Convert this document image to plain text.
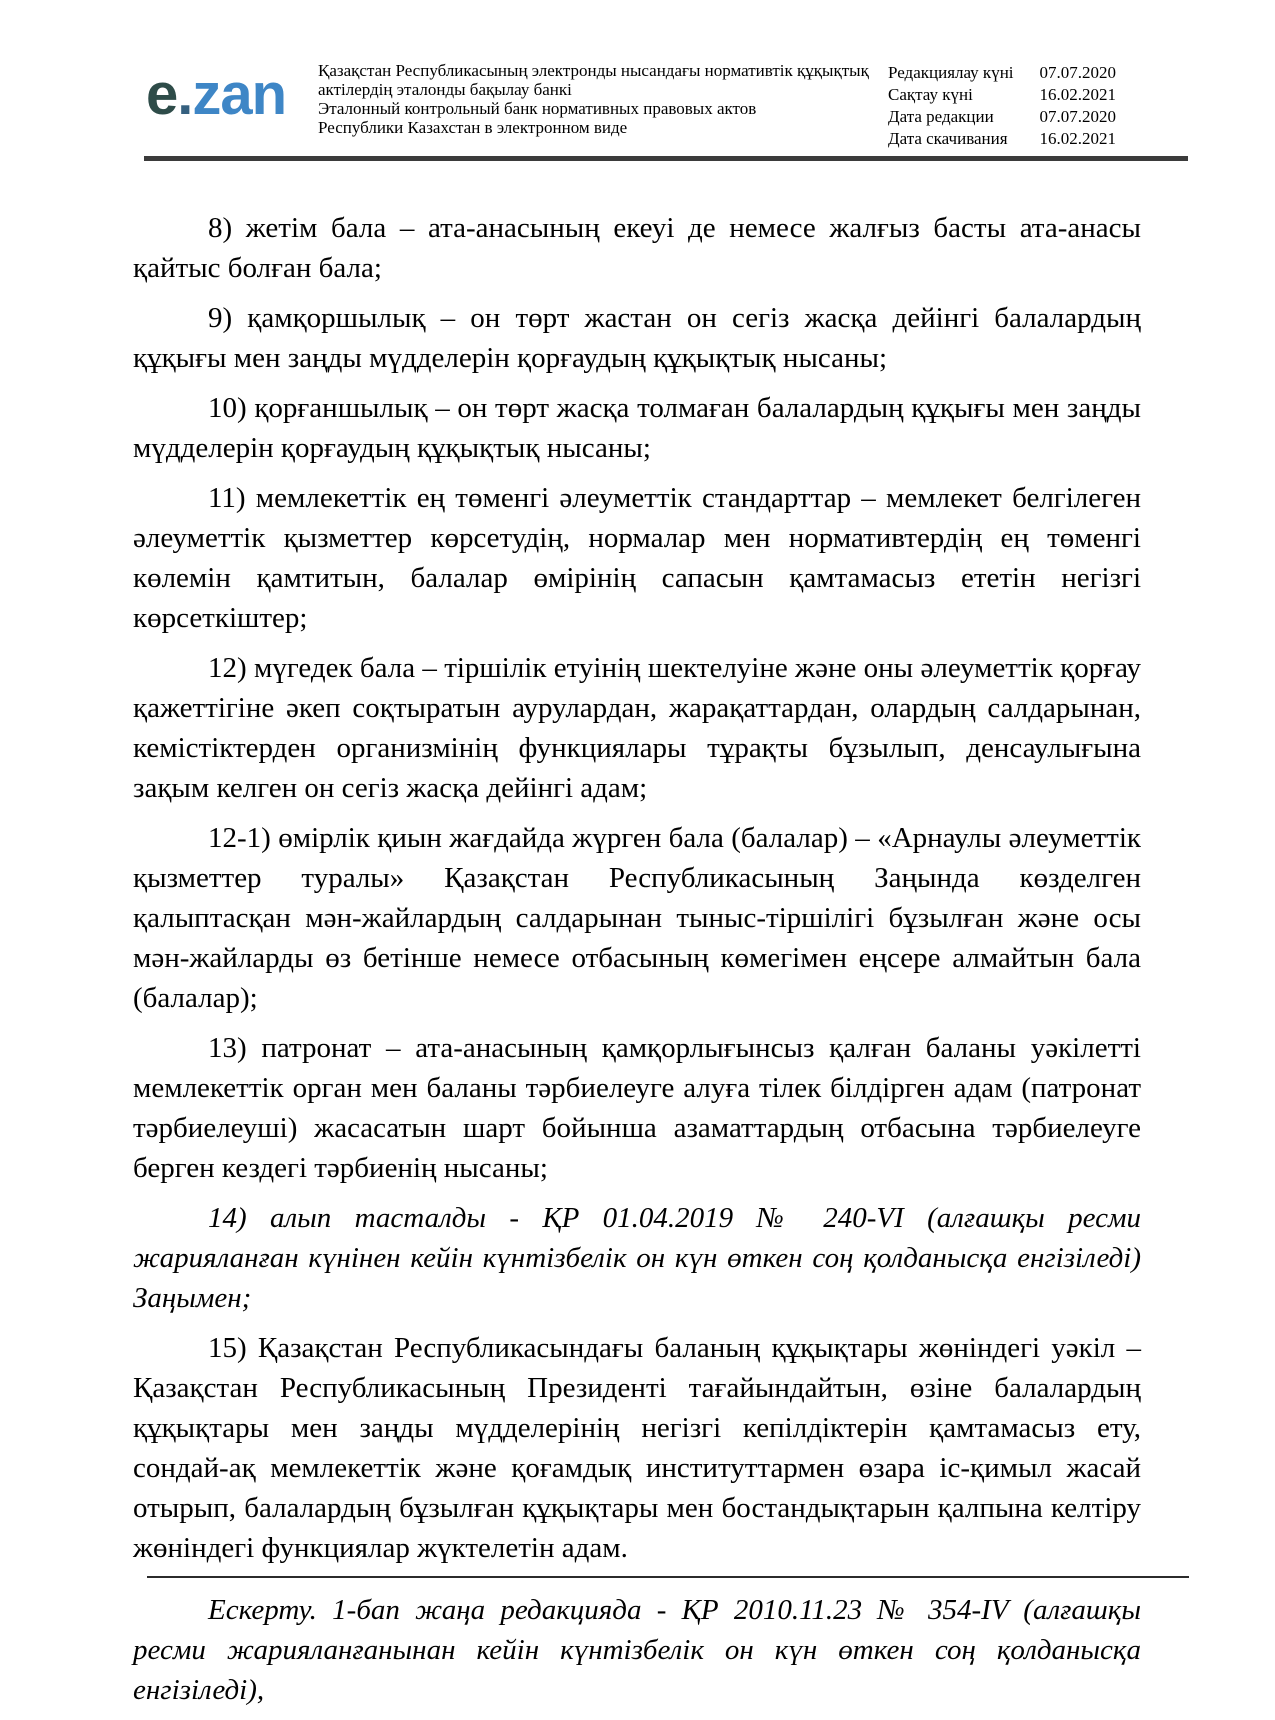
e.zan Қазақстан Республикасының электронды нысандағы нормативтік құқықтық
актілердің эталонды бақылау банкі
Эталонный контрольный банк нормативных правовых актов
Республики Казахстан в электронном виде
Редакциялау күні 07.07.2020
Сақтау күні	16.02.2021
Дата редакции	07.07.2020
Дата скачивания 16.02.2021

8) жетім бала – ата-анасының екеуі де немесе жалғыз басты ата-анасы қайтыс болған бала;

9) қамқоршылық – он төрт жастан он сегіз жасқа дейінгі балалардың құқығы мен заңды мүдделерін қорғаудың құқықтық нысаны;

10) қорғаншылық – он төрт жасқа толмаған балалардың құқығы мен заңды мүдделерін қорғаудың құқықтық нысаны;

11) мемлекеттік ең төменгі әлеуметтік стандарттар – мемлекет белгілеген әлеуметтік қызметтер көрсетудің, нормалар мен нормативтердің ең төменгі көлемін қамтитын, балалар өмірінің сапасын қамтамасыз ететін негізгі көрсеткіштер;

12) мүгедек бала – тіршілік етуінің шектелуіне және оны әлеуметтік қорғау қажеттігіне әкеп соқтыратын аурулардан, жарақаттардан, олардың салдарынан, кемістіктерден организмінің функциялары тұрақты бұзылып, денсаулығына зақым келген он сегіз жасқа дейінгі адам;

12-1) өмірлік қиын жағдайда жүрген бала (балалар) – «Арнаулы әлеуметтік қызметтер туралы» Қазақстан Республикасының Заңында көзделген қалыптасқан мән-жайлардың салдарынан тыныс-тіршілігі бұзылған және осы мән-жайларды өз бетінше немесе отбасының көмегімен еңсере алмайтын бала (балалар);

13) патронат – ата-анасының қамқорлығынсыз қалған баланы уәкілетті мемлекеттік орган мен баланы тәрбиелеуге алуға тілек білдірген адам (патронат тәрбиелеуші) жасасатын шарт бойынша азаматтардың отбасына тәрбиелеуге берген кездегі тәрбиенің нысаны;

14) алып тасталды - ҚР 01.04.2019 № 240-VI (алғашқы ресми жарияланған күнінен кейін күнтізбелік он күн өткен соң қолданысқа енгізіледі) Заңымен;

15) Қазақстан Республикасындағы баланың құқықтары жөніндегі уәкіл – Қазақстан Республикасының Президенті тағайындайтын, өзіне балалардың құқықтары мен заңды мүдделерінің негізгі кепілдіктерін қамтамасыз ету, сондай-ақ мемлекеттік және қоғамдық институттармен өзара іс-қимыл жасай отырып, балалардың бұзылған құқықтары мен бостандықтарын қалпына келтіру жөніндегі функциялар жүктелетін адам.

Ескерту. 1-бап жаңа редакцияда - ҚР 2010.11.23 № 354-IV (алғашқы ресми жарияланғанынан кейін күнтізбелік он күн өткен соң қолданысқа енгізіледі),
